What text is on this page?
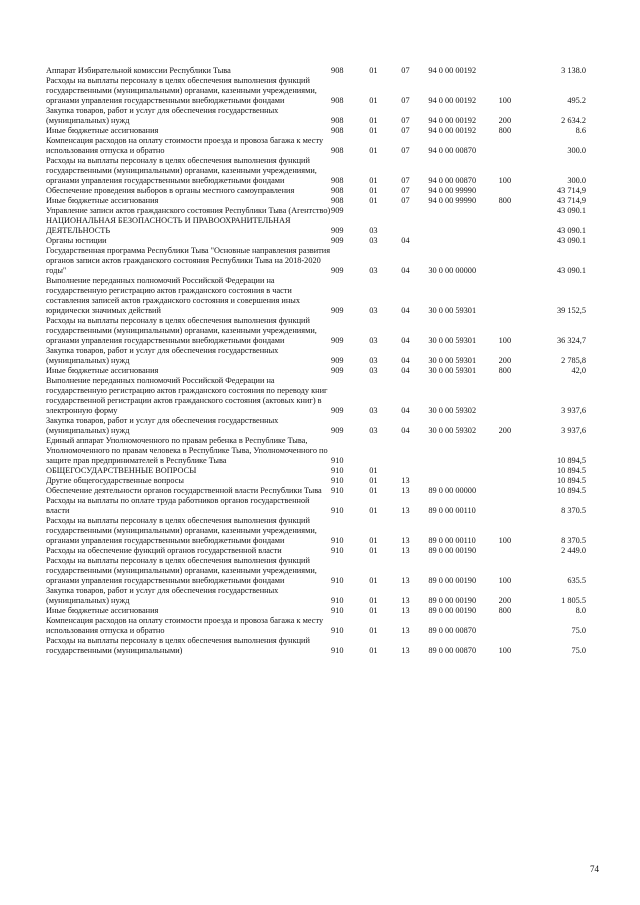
Аппарат Избирательной комиссии Республики Тыва	908	01	07	94 0 00 00192		3 138.0
Расходы на выплаты персоналу в целях обеспечения выполнения функций государственными (муниципальными) органами, казенными учреждениями, органами управления государственными внебюджетными фондами	908	01	07	94 0 00 00192	100	495.2
Закупка товаров, работ и услуг для обеспечения государственных (муниципальных) нужд	908	01	07	94 0 00 00192	200	2 634.2
Иные бюджетные ассигнования	908	01	07	94 0 00 00192	800	8.6
Компенсация расходов на оплату стоимости проезда и провоза багажа к месту использования отпуска и обратно	908	01	07	94 0 00 00870		300.0
Расходы на выплаты персоналу в целях обеспечения выполнения функций государственными (муниципальными) органами, казенными учреждениями, органами управления государственными внебюджетными фондами	908	01	07	94 0 00 00870	100	300.0
Обеспечение проведения выборов в органы местного самоуправления	908	01	07	94 0 00 99990		43 714,9
Иные бюджетные ассигнования	908	01	07	94 0 00 99990	800	43 714,9
Управление записи актов гражданского состояния Республики Тыва (Агентство)	909					43 090.1
НАЦИОНАЛЬНАЯ БЕЗОПАСНОСТЬ И ПРАВООХРАНИТЕЛЬНАЯ ДЕЯТЕЛЬНОСТЬ	909	03				43 090.1
Органы юстиции	909	03	04			43 090.1
Государственная программа Республики Тыва "Основные направления развития органов записи актов гражданского состояния Республики Тыва на 2018-2020 годы"	909	03	04	30 0 00 00000		43 090.1
Выполнение переданных полномочий Российской Федерации на государственную регистрацию актов гражданского состояния в части составления записей актов гражданского состояния и совершения иных юридически значимых действий	909	03	04	30 0 00 59301		39 152,5
Расходы на выплаты персоналу в целях обеспечения выполнения функций государственными (муниципальными) органами, казенными учреждениями, органами управления государственными внебюджетными фондами	909	03	04	30 0 00 59301	100	36 324,7
Закупка товаров, работ и услуг для обеспечения государственных (муниципальных) нужд	909	03	04	30 0 00 59301	200	2 785,8
Иные бюджетные ассигнования	909	03	04	30 0 00 59301	800	42,0
Выполнение переданных полномочий Российской Федерации на государственную регистрацию актов гражданского состояния по переводу книг государственной регистрации актов гражданского состояния (актовых книг) в электронную форму	909	03	04	30 0 00 59302		3 937,6
Закупка товаров, работ и услуг для обеспечения государственных (муниципальных) нужд	909	03	04	30 0 00 59302	200	3 937,6
Единый аппарат Уполномоченного по правам ребенка в Республике Тыва, Уполномоченного по правам человека в Республике Тыва, Уполномоченного по защите прав предпринимателей в Республике Тыва	910					10 894,5
ОБЩЕГОСУДАРСТВЕННЫЕ ВОПРОСЫ	910	01				10 894.5
Другие общегосударственные вопросы	910	01	13			10 894.5
Обеспечение деятельности органов государственной власти Республики Тыва	910	01	13	89 0 00 00000		10 894.5
Расходы на выплаты по оплате труда работников органов государственной власти	910	01	13	89 0 00 00110		8 370.5
Расходы на выплаты персоналу в целях обеспечения выполнения функций государственными (муниципальными) органами, казенными учреждениями, органами управления государственными внебюджетными фондами	910	01	13	89 0 00 00110	100	8 370.5
Расходы на обеспечение функций органов государственной власти	910	01	13	89 0 00 00190		2 449.0
Расходы на выплаты персоналу в целях обеспечения выполнения функций государственными (муниципальными) органами, казенными учреждениями, органами управления государственными внебюджетными фондами	910	01	13	89 0 00 00190	100	635.5
Закупка товаров, работ и услуг для обеспечения государственных (муниципальных) нужд	910	01	13	89 0 00 00190	200	1 805.5
Иные бюджетные ассигнования	910	01	13	89 0 00 00190	800	8.0
Компенсация расходов на оплату стоимости проезда и провоза багажа к месту использования отпуска и обратно	910	01	13	89 0 00 00870		75.0
Расходы на выплаты персоналу в целях обеспечения выполнения функций государственными (муниципальными)	910	01	13	89 0 00 00870	100	75.0
74
